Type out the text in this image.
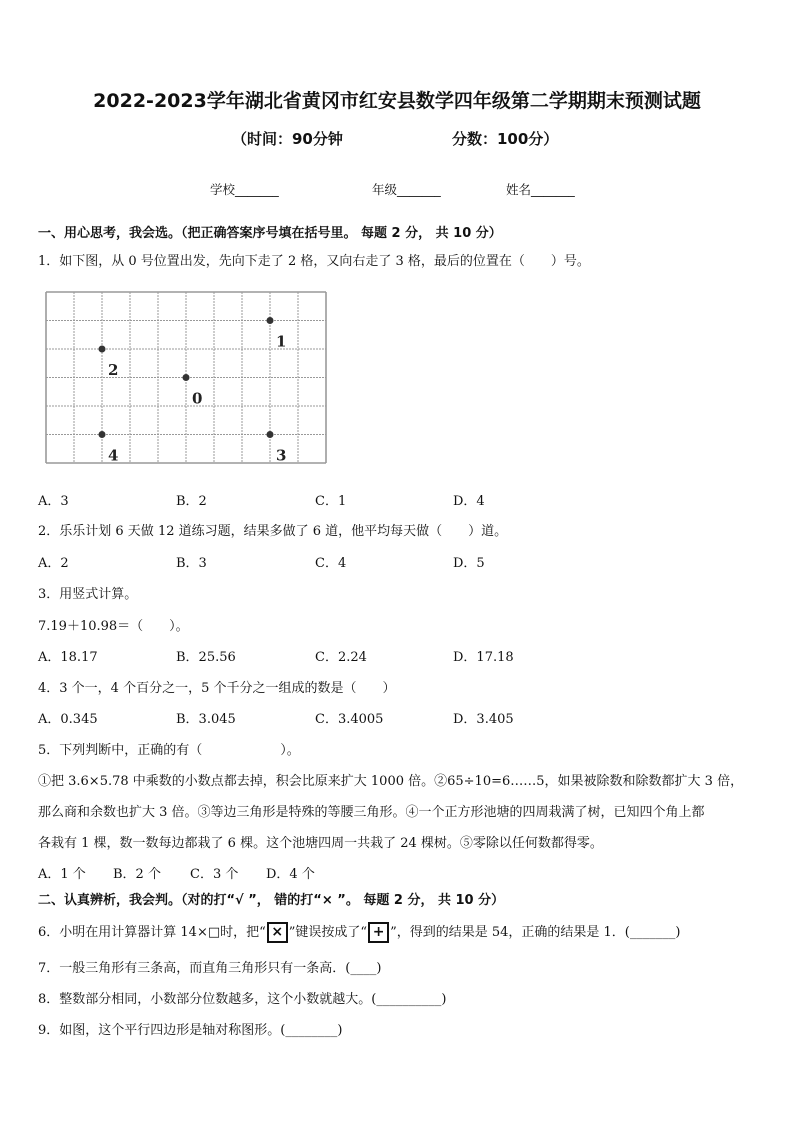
2022-2023学年湖北省黄冈市红安县数学四年级第二学期期末预测试题
（时间：90分钟	分数：100分）
学校_______	年级_______	姓名_______
一、用心思考，我会选。（把正确答案序号填在括号里。 每题 2 分， 共 10 分）
1．如下图，从 0 号位置出发，先向下走了 2 格，又向右走了 3 格，最后的位置在（　　）号。
1
2
0
4	3
A．3	B．2	C．1	D．4
2．乐乐计划 6 天做 12 道练习题，结果多做了 6 道，他平均每天做（　　）道。
A．2	B．3	C．4	D．5
3．用竖式计算。
7.19＋10.98＝（　　）。
A．18.17	B．25.56	C．2.24	D．17.18
4．3 个一，4 个百分之一，5 个千分之一组成的数是（　　）
A．0.345	B．3.045	C．3.4005	D．3.405
5．下列判断中，正确的有（　　　　　　）。
①把 3.6×5.78 中乘数的小数点都去掉，积会比原来扩大 1000 倍。②65÷10=6……5，如果被除数和除数都扩大 3 倍，
那么商和余数也扩大 3 倍。③等边三角形是特殊的等腰三角形。④一个正方形池塘的四周栽满了树，已知四个角上都
各栽有 1 棵，数一数每边都栽了 6 棵。这个池塘四周一共栽了 24 棵树。⑤零除以任何数都得零。
A．1 个 B．2 个 C．3 个 D．4 个
二、认真辨析，我会判。（对的打“√ ”， 错的打“× ”。 每题 2 分， 共 10 分）
6．小明在用计算器计算 14×□时，把“ × ”键误按成了“ + ”，得到的结果是 54，正确的结果是 1．(_______)
7．一般三角形有三条高，而直角三角形只有一条高．(____)
8．整数部分相同，小数部分位数越多，这个小数就越大。(__________)
9．如图，这个平行四边形是轴对称图形。(________)
